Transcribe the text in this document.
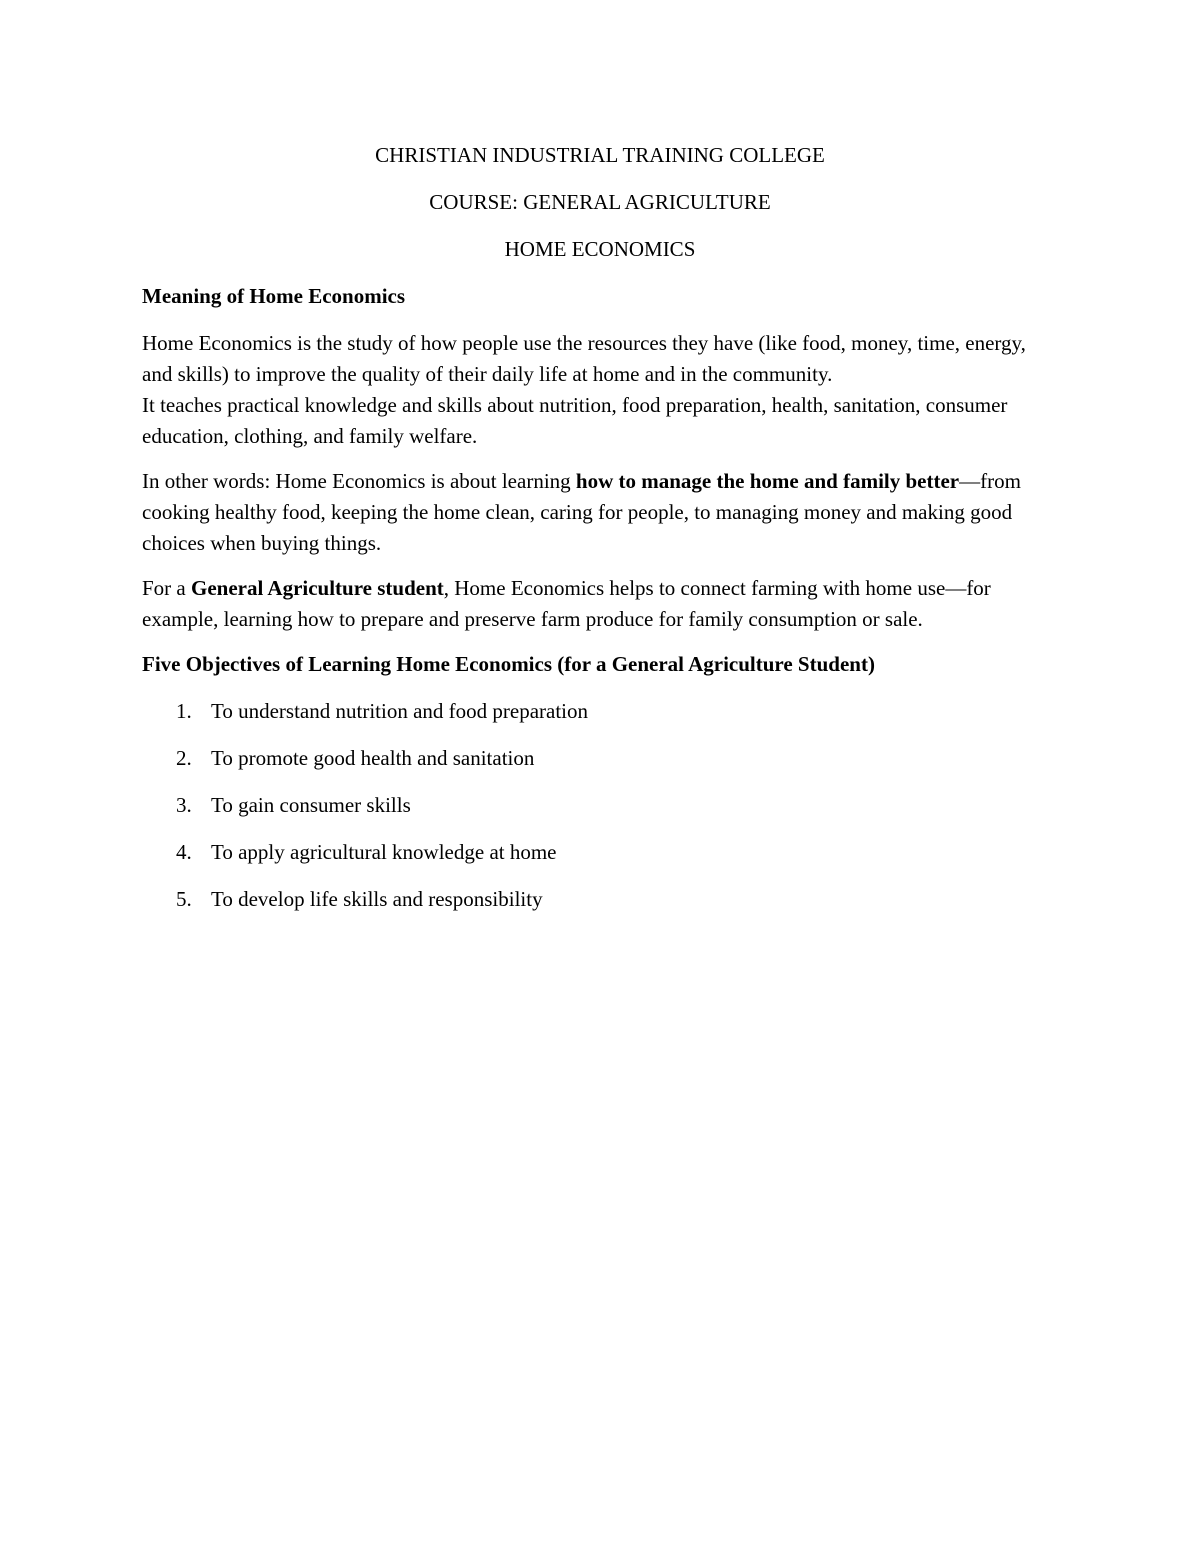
CHRISTIAN INDUSTRIAL TRAINING COLLEGE
COURSE: GENERAL AGRICULTURE
HOME ECONOMICS
Meaning of Home Economics

Home Economics is the study of how people use the resources they have (like food, money, time, energy, and skills) to improve the quality of their daily life at home and in the community.
It teaches practical knowledge and skills about nutrition, food preparation, health, sanitation, consumer education, clothing, and family welfare.

In other words: Home Economics is about learning how to manage the home and family better—from cooking healthy food, keeping the home clean, caring for people, to managing money and making good choices when buying things.

For a General Agriculture student, Home Economics helps to connect farming with home use—for example, learning how to prepare and preserve farm produce for family consumption or sale.

Five Objectives of Learning Home Economics (for a General Agriculture Student)
1. To understand nutrition and food preparation
2. To promote good health and sanitation
3. To gain consumer skills
4. To apply agricultural knowledge at home
5. To develop life skills and responsibility
